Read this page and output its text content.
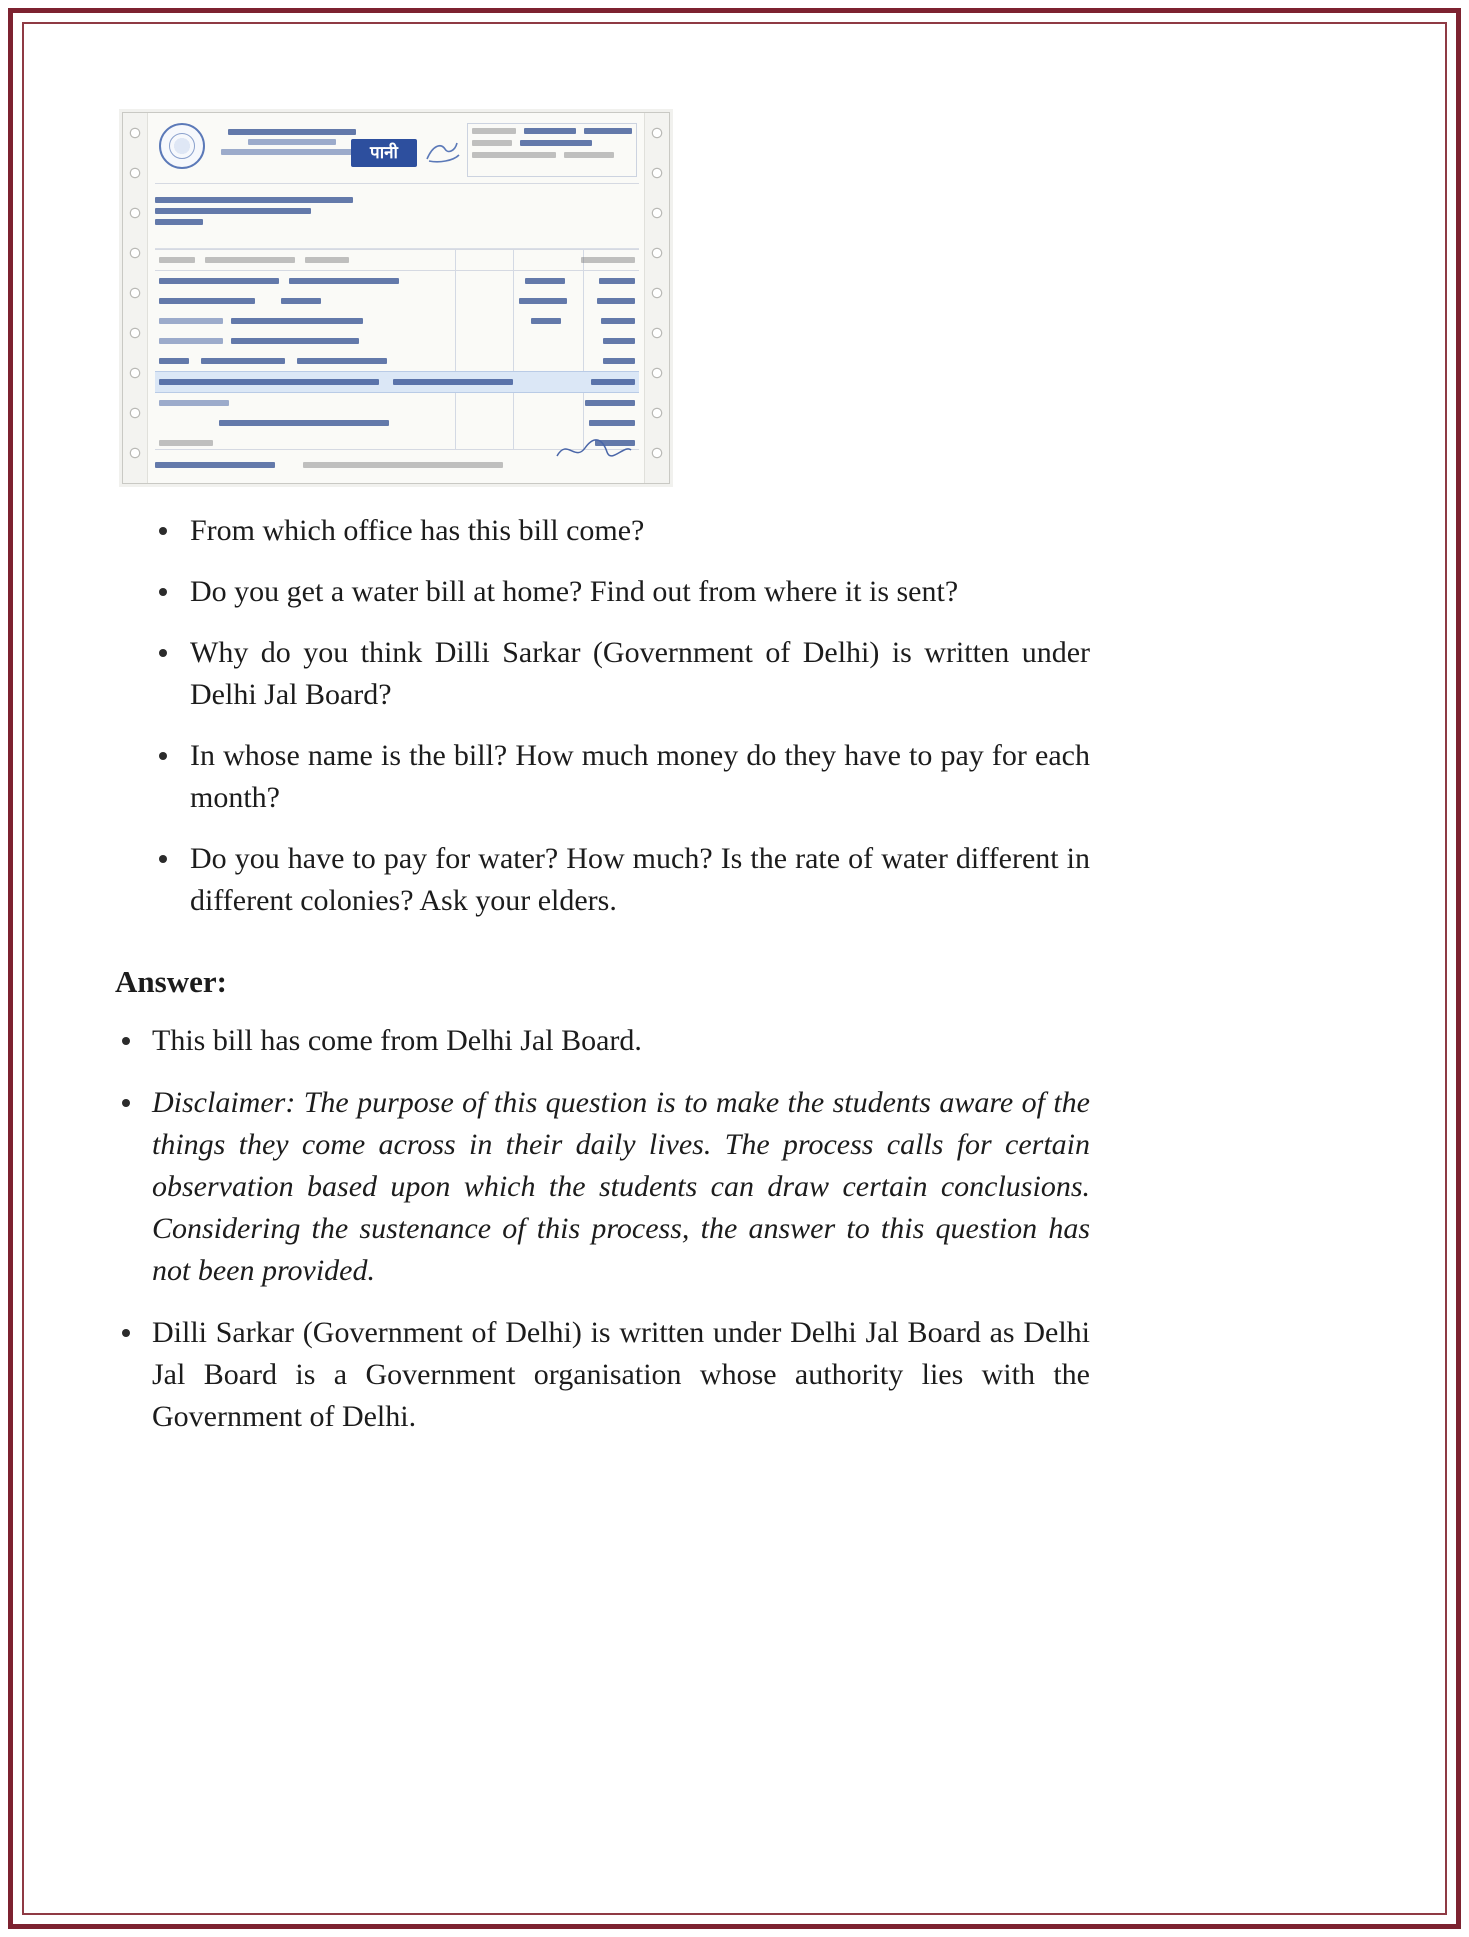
पानी

From which office has this bill come?
Do you get a water bill at home? Find out from where it is sent?
Why do you think Dilli Sarkar (Government of Delhi) is written under Delhi Jal Board?
In whose name is the bill? How much money do they have to pay for each month?
Do you have to pay for water? How much? Is the rate of water different in different colonies? Ask your elders.
Answer:
This bill has come from Delhi Jal Board.
Disclaimer: The purpose of this question is to make the students aware of the things they come across in their daily lives. The process calls for certain observation based upon which the students can draw certain conclusions. Considering the sustenance of this process, the answer to this question has not been provided.
Dilli Sarkar (Government of Delhi) is written under Delhi Jal Board as Delhi Jal Board is a Government organisation whose authority lies with the Government of Delhi.
